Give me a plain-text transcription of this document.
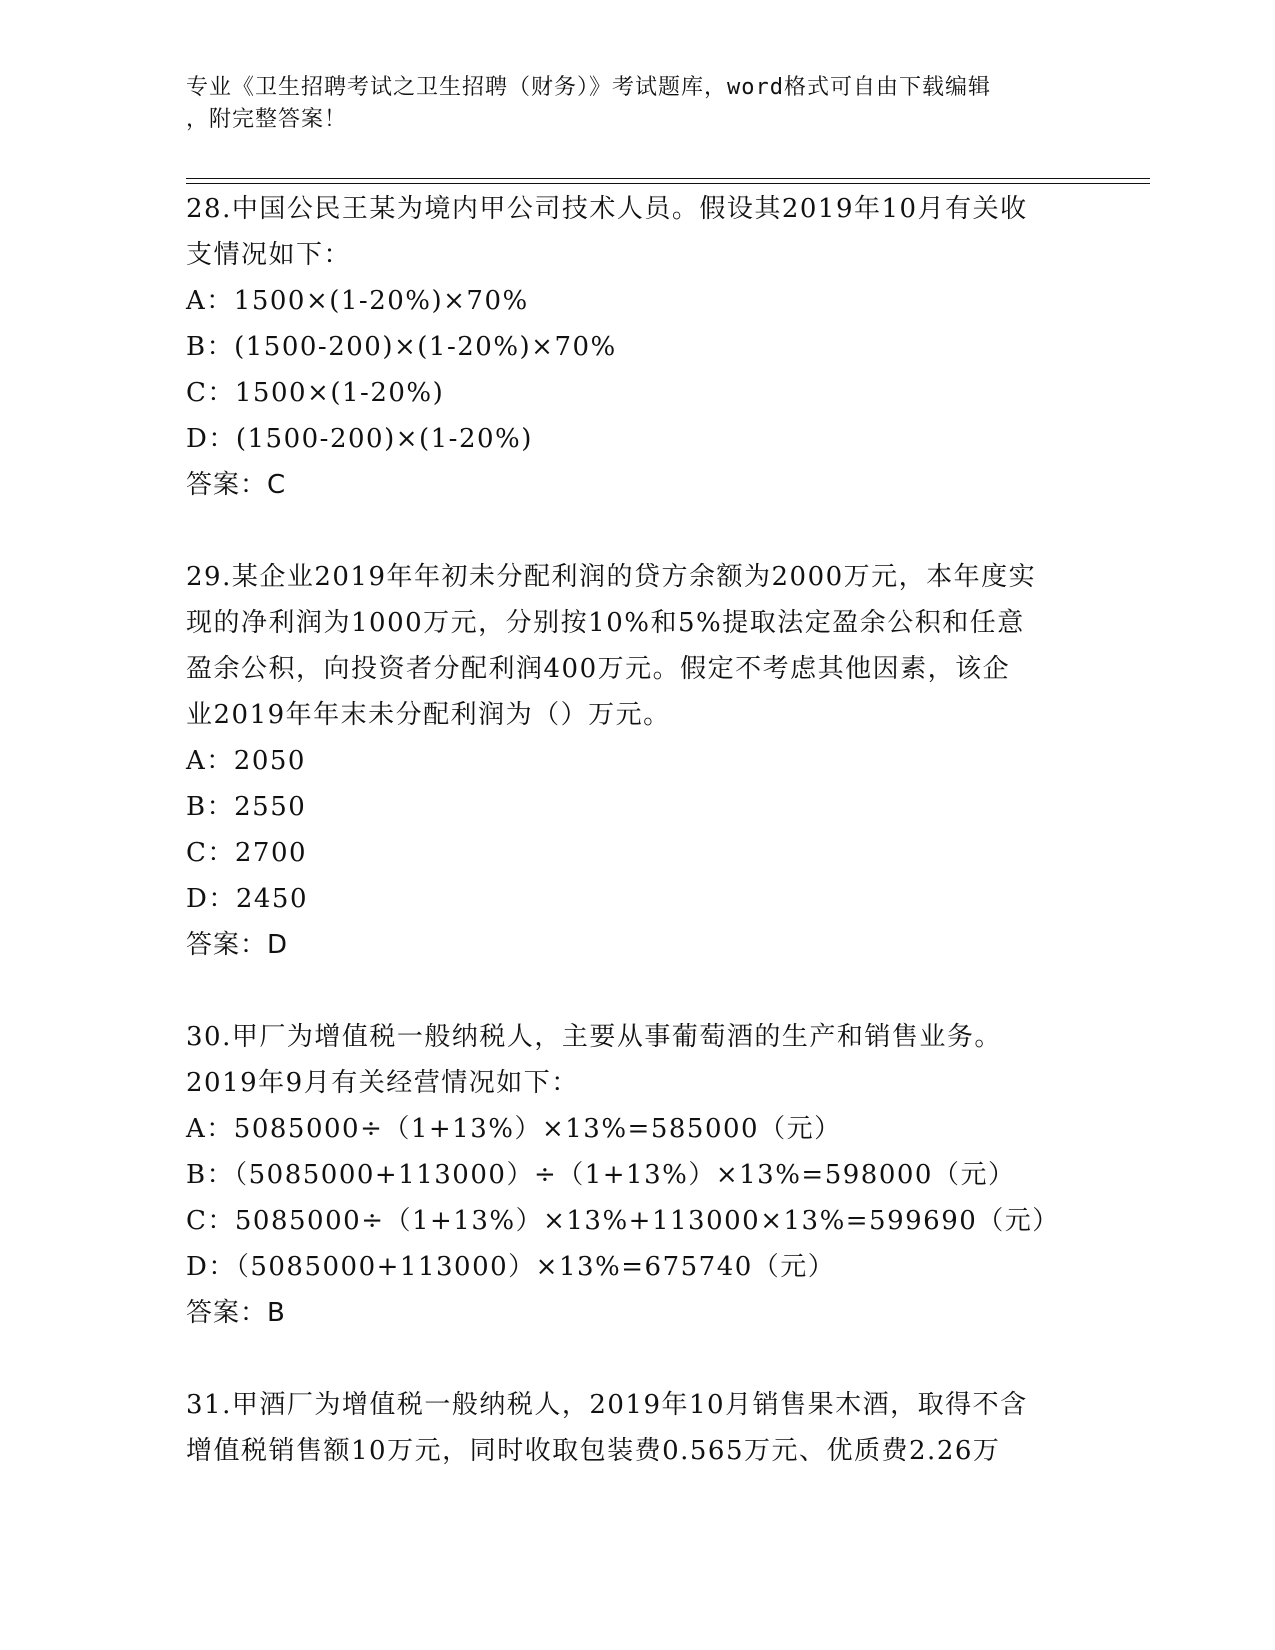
专业《卫生招聘考试之卫生招聘（财务）》考试题库，word格式可自由下载编辑
，附完整答案！
28.中国公民王某为境内甲公司技术人员。假设其2019年10月有关收
支情况如下：
A：1500×(1-20%)×70%
B：(1500-200)×(1-20%)×70%
C：1500×(1-20%)
D：(1500-200)×(1-20%)
答案：C
29.某企业2019年年初未分配利润的贷方余额为2000万元，本年度实
现的净利润为1000万元，分别按10%和5%提取法定盈余公积和任意
盈余公积，向投资者分配利润400万元。假定不考虑其他因素，该企
业2019年年末未分配利润为（）万元。
A：2050
B：2550
C：2700
D：2450
答案：D
30.甲厂为增值税一般纳税人，主要从事葡萄酒的生产和销售业务。
2019年9月有关经营情况如下：
A：5085000÷（1+13%）×13%=585000（元）
B：（5085000+113000）÷（1+13%）×13%=598000（元）
C：5085000÷（1+13%）×13%+113000×13%=599690（元）
D：（5085000+113000）×13%=675740（元）
答案：B
31.甲酒厂为增值税一般纳税人，2019年10月销售果木酒，取得不含
增值税销售额10万元，同时收取包装费0.565万元、优质费2.26万
